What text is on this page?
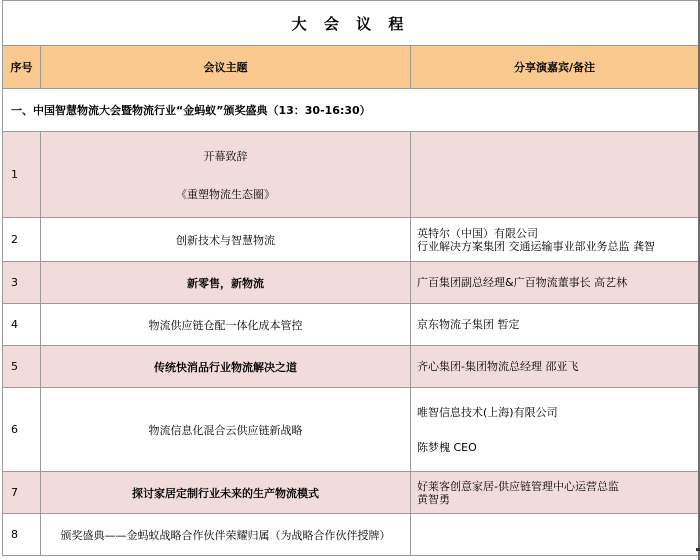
大 会 议 程		
序号	会议主题	分享演嘉宾/备注
一、中国智慧物流大会暨物流行业“金蚂蚁”颁奖盛典（13：30-16:30）		
1	开幕致辞
《重塑物流生态圈》	

2	创新技术与智慧物流	英特尔（中国）有限公司
行业解决方案集团 交通运输事业部业务总监 龚智

3	新零售，新物流	广百集团副总经理&广百物流董事长 高艺林
4	物流供应链仓配一体化成本管控	京东物流子集团 暂定
5	传统快消品行业物流解决之道	齐心集团-集团物流总经理 邵亚飞
6	物流信息化混合云供应链新战略	唯智信息技术(上海)有限公司
陈梦槐 CEO

7	探讨家居定制行业未来的生产物流模式	好莱客创意家居-供应链管理中心运营总监
黄智勇

8	颁奖盛典——金蚂蚁战略合作伙伴荣耀归属（为战略合作伙伴授牌）	
